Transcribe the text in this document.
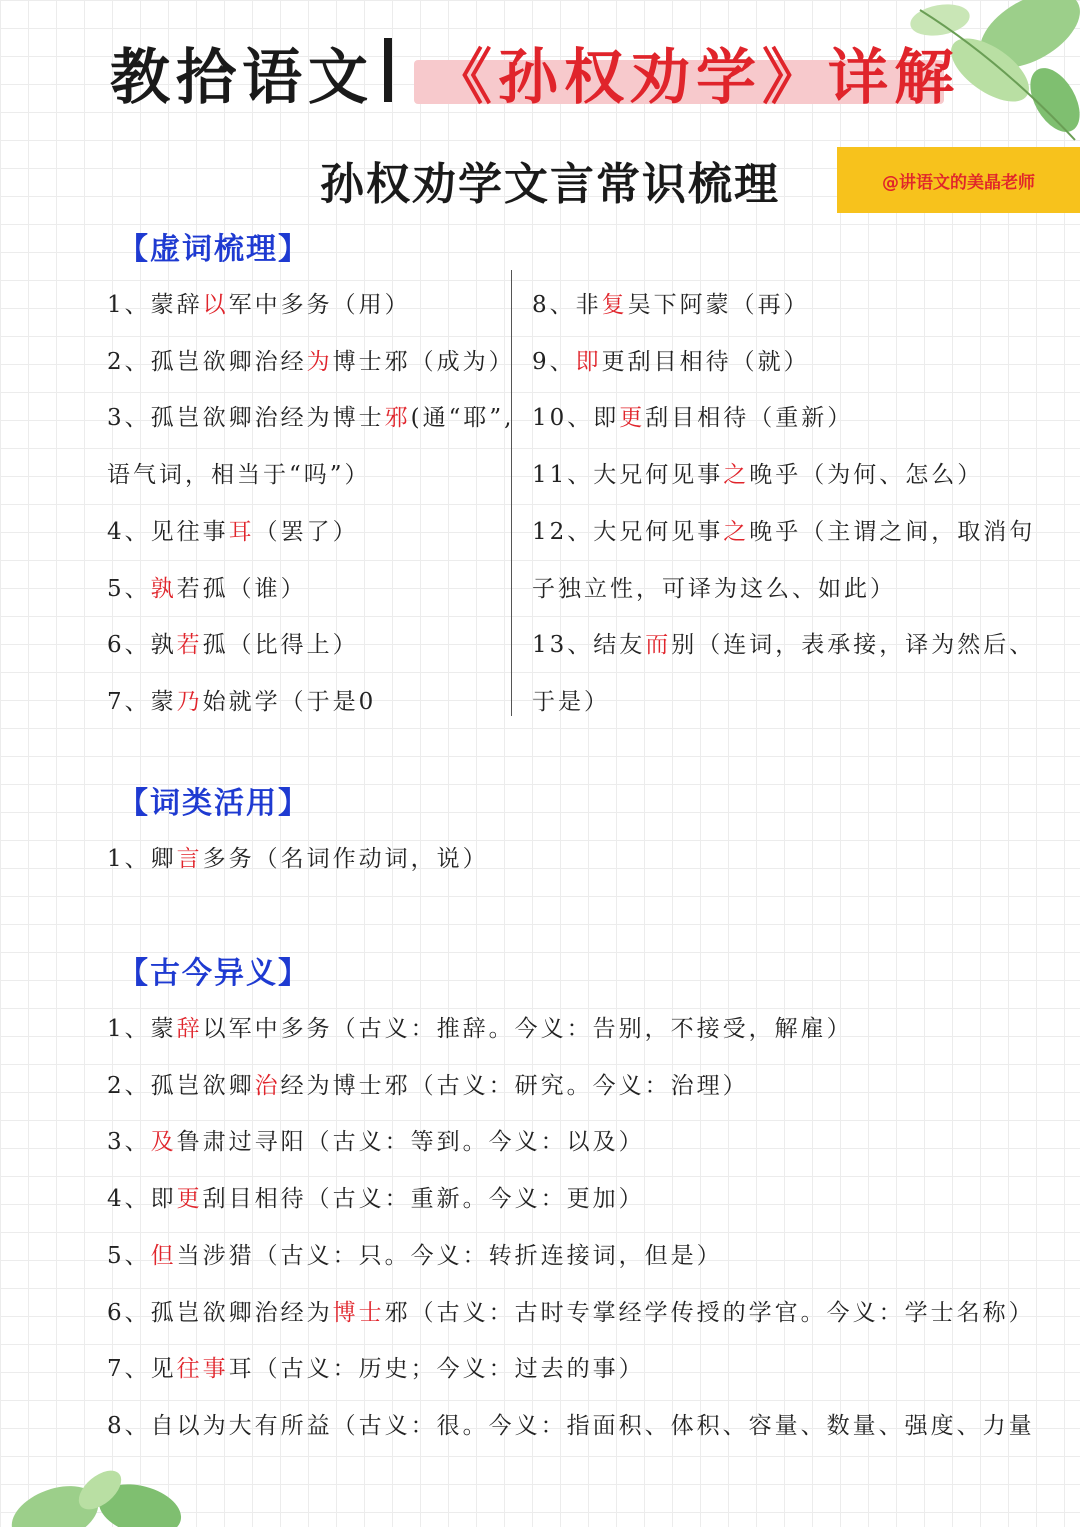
教拾语文 《孙权劝学》详解
孙权劝学文言常识梳理	@讲语文的美晶老师
【虚词梳理】
1、蒙辞以军中多务（用）
2、孤岂欲卿治经为博士邪（成为）
3、孤岂欲卿治经为博士邪(通“耶”,
语气词，相当于“吗”）
4、见往事耳（罢了）
5、孰若孤（谁）
6、孰若孤（比得上）
7、蒙乃始就学（于是0
8、非复吴下阿蒙（再）
9、即更刮目相待（就）
10、即更刮目相待（重新）
11、大兄何见事之晚乎（为何、怎么）
12、大兄何见事之晚乎（主谓之间，取消句
子独立性，可译为这么、如此）
13、结友而别（连词，表承接，译为然后、
于是）
【词类活用】
1、卿言多务（名词作动词，说）
【古今异义】
1、蒙辞以军中多务（古义：推辞。今义：告别，不接受，解雇）
2、孤岂欲卿治经为博士邪（古义：研究。今义：治理）
3、及鲁肃过寻阳（古义：等到。今义：以及）
4、即更刮目相待（古义：重新。今义：更加）
5、但当涉猎（古义：只。今义：转折连接词，但是）
6、孤岂欲卿治经为博士邪（古义：古时专掌经学传授的学官。今义：学士名称）
7、见往事耳（古义：历史；今义：过去的事）
8、自以为大有所益（古义：很。今义：指面积、体积、容量、数量、强度、力量
